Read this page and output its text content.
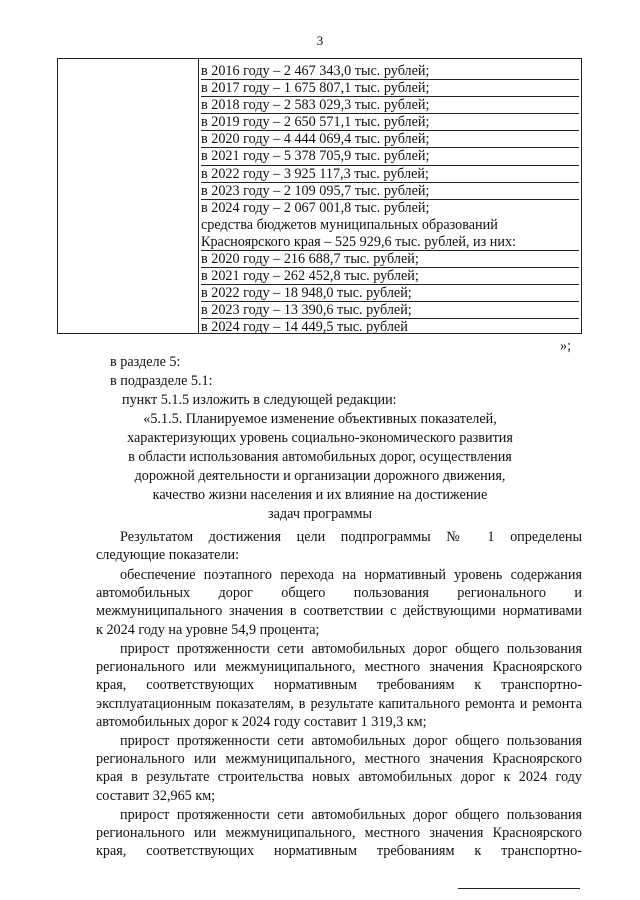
3
в 2016 году – 2 467 343,0 тыс. рублей;
в 2017 году – 1 675 807,1 тыс. рублей;
в 2018 году – 2 583 029,3 тыс. рублей;
в 2019 году – 2 650 571,1 тыс. рублей;
в 2020 году – 4 444 069,4 тыс. рублей;
в 2021 году – 5 378 705,9 тыс. рублей;
в 2022 году – 3 925 117,3 тыс. рублей;
в 2023 году – 2 109 095,7 тыс. рублей;
в 2024 году – 2 067 001,8 тыс. рублей;
средства бюджетов муниципальных образований
Красноярского края – 525 929,6 тыс. рублей, из них:
в 2020 году – 216 688,7 тыс. рублей;
в 2021 году – 262 452,8 тыс. рублей;
в 2022 году – 18 948,0 тыс. рублей;
в 2023 году – 13 390,6 тыс. рублей;
в 2024 году – 14 449,5 тыс. рублей
»;
в разделе 5:
в подразделе 5.1:
пункт 5.1.5 изложить в следующей редакции:
«5.1.5. Планируемое изменение объективных показателей,
характеризующих уровень социально-экономического развития
в области использования автомобильных дорог, осуществления
дорожной деятельности и организации дорожного движения,
качество жизни населения и их влияние на достижение
задач программы
Результатом достижения цели подпрограммы № 1 определены
следующие показатели:
обеспечение поэтапного перехода на нормативный уровень содержания
автомобильных дорог общего пользования регионального и
межмуниципального значения в соответствии с действующими нормативами
к 2024 году на уровне 54,9 процента;
прирост протяженности сети автомобильных дорог общего пользования
регионального или межмуниципального, местного значения Красноярского
края, соответствующих нормативным требованиям к транспортно-
эксплуатационным показателям, в результате капитального ремонта и ремонта
автомобильных дорог к 2024 году составит 1 319,3 км;
прирост протяженности сети автомобильных дорог общего пользования
регионального или межмуниципального, местного значения Красноярского
края в результате строительства новых автомобильных дорог к 2024 году
составит 32,965 км;
прирост протяженности сети автомобильных дорог общего пользования
регионального или межмуниципального, местного значения Красноярского
края, соответствующих нормативным требованиям к транспортно-
